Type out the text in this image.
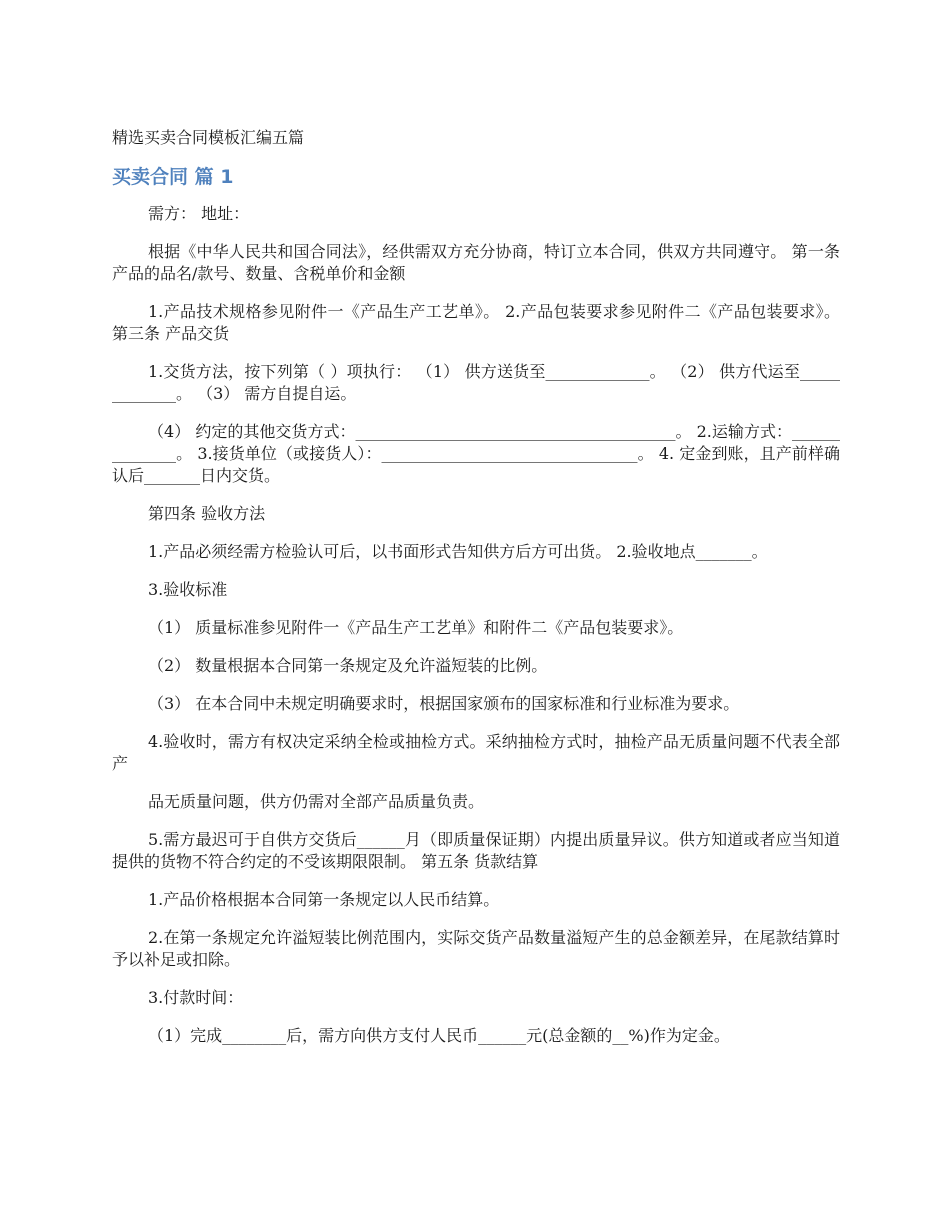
精选买卖合同模板汇编五篇
买卖合同 篇 1

需方： 地址：

根据《中华人民共和国合同法》，经供需双方充分协商，特订立本合同，供双方共同遵守。 第一条 产品的品名/款号、数量、含税单价和金额

1.产品技术规格参见附件一《产品生产工艺单》。 2.产品包装要求参见附件二《产品包装要求》。 第三条 产品交货

1.交货方法，按下列第（ ）项执行： （1） 供方送货至_____________。 （2） 供方代运至_____________。 （3） 需方自提自运。

（4） 约定的其他交货方式：________________________________________。 2.运输方式：______________。 3.接货单位（或接货人）：________________________________。 4. 定金到账，且产前样确认后_______日内交货。

第四条 验收方法

1.产品必须经需方检验认可后，以书面形式告知供方后方可出货。 2.验收地点_______。

3.验收标准

（1） 质量标准参见附件一《产品生产工艺单》和附件二《产品包装要求》。

（2） 数量根据本合同第一条规定及允许溢短装的比例。

（3） 在本合同中未规定明确要求时，根据国家颁布的国家标准和行业标准为要求。

4.验收时，需方有权决定采纳全检或抽检方式。采纳抽检方式时，抽检产品无质量问题不代表全部产

品无质量问题，供方仍需对全部产品质量负责。

5.需方最迟可于自供方交货后______月（即质量保证期）内提出质量异议。供方知道或者应当知道提供的货物不符合约定的不受该期限限制。 第五条 货款结算

1.产品价格根据本合同第一条规定以人民币结算。

2.在第一条规定允许溢短装比例范围内，实际交货产品数量溢短产生的总金额差异，在尾款结算时予以补足或扣除。

3.付款时间：

（1）完成________后，需方向供方支付人民币______元(总金额的__%)作为定金。
